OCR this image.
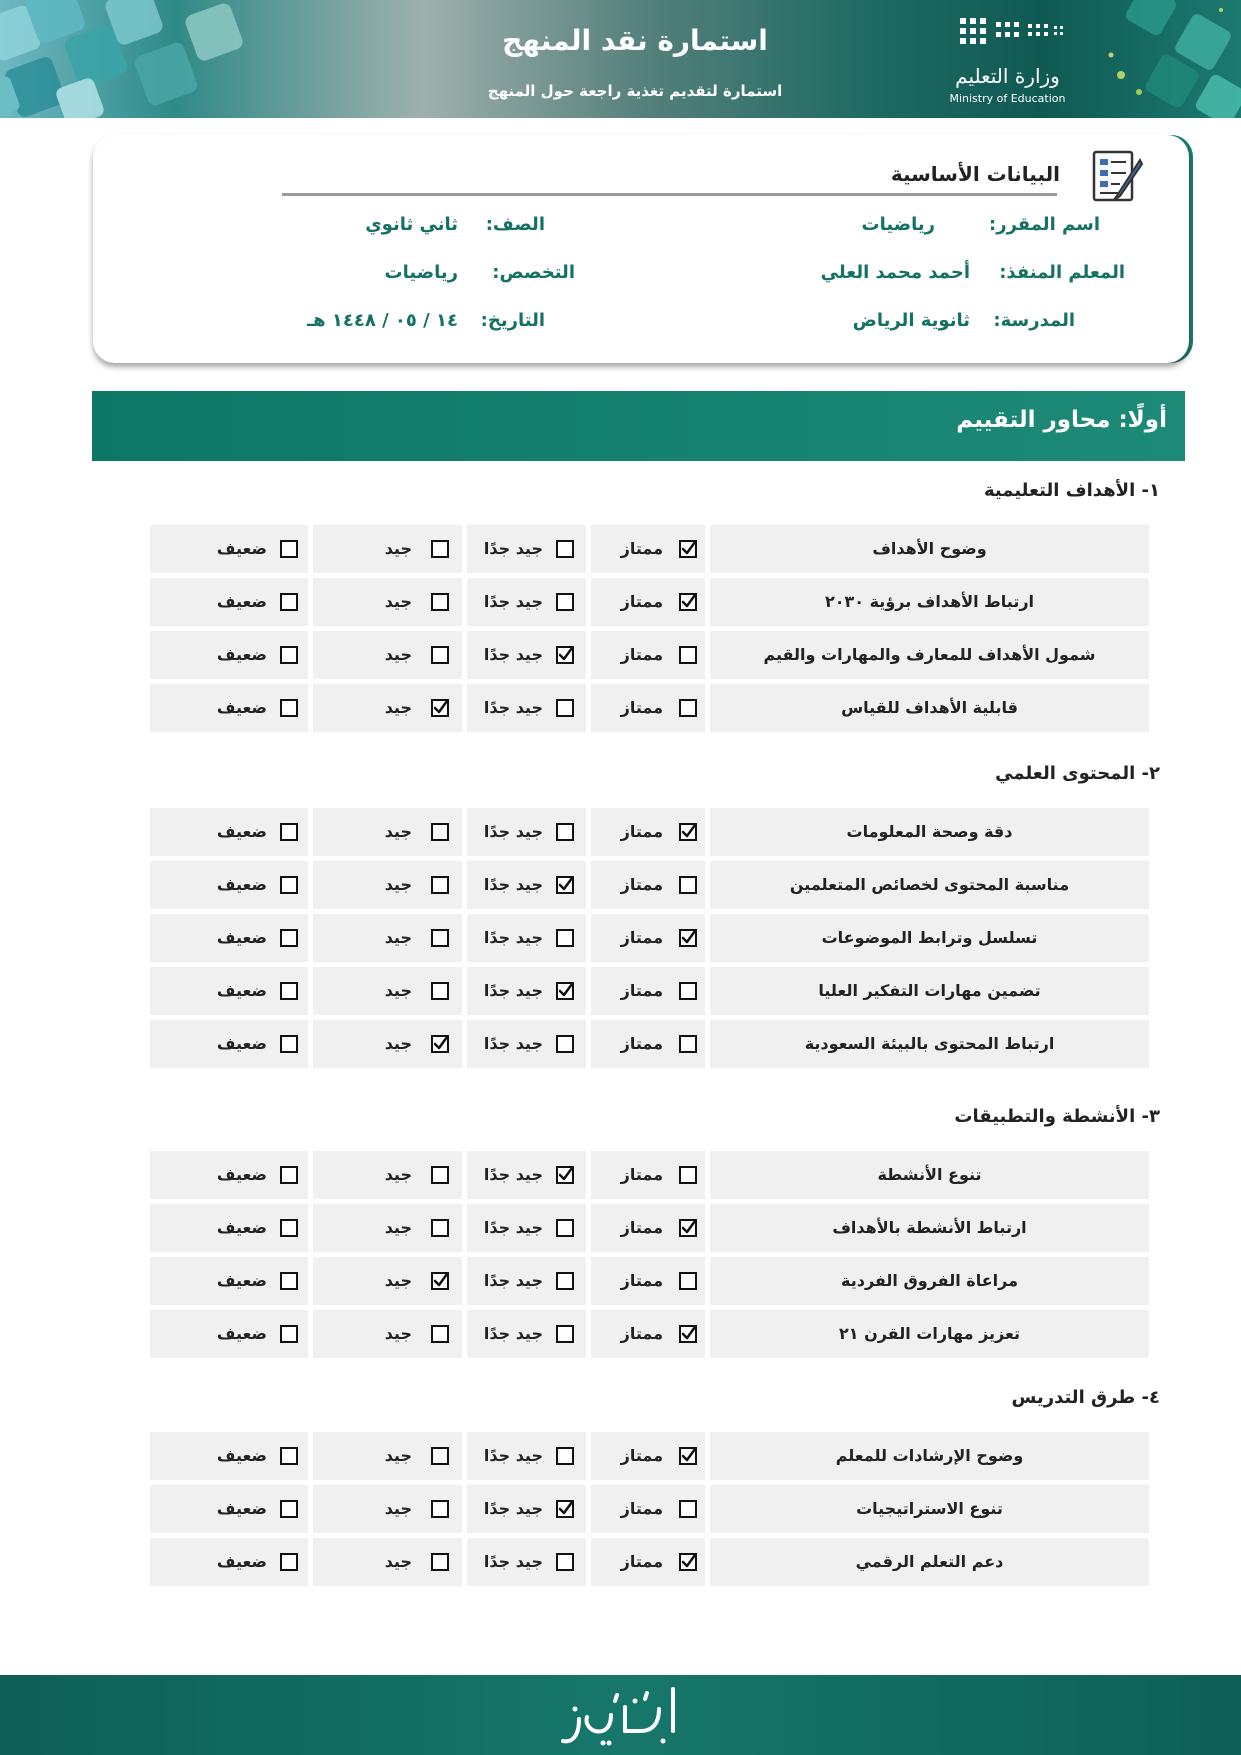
استمارة نقد المنهج
استمارة لتقديم تغذية راجعة حول المنهج
وزارة التعليم
Ministry of Education
البيانات الأساسية
اسم المقرر:
رياضيات
الصف:
ثاني ثانوي
المعلم المنفذ:
أحمد محمد العلي
التخصص:
رياضيات
المدرسة:
ثانوية الرياض
التاريخ:
١٤ / ٠٥ / ١٤٤٨ هـ
أولًا: محاور التقييم
١- الأهداف التعليمية
وضوح الأهداف
ممتاز
جيد جدًا
جيد
ضعيف
ارتباط الأهداف برؤية ٢٠٣٠
ممتاز
جيد جدًا
جيد
ضعيف
شمول الأهداف للمعارف والمهارات والقيم
ممتاز
جيد جدًا
جيد
ضعيف
قابلية الأهداف للقياس
ممتاز
جيد جدًا
جيد
ضعيف
٢- المحتوى العلمي
دقة وصحة المعلومات
ممتاز
جيد جدًا
جيد
ضعيف
مناسبة المحتوى لخصائص المتعلمين
ممتاز
جيد جدًا
جيد
ضعيف
تسلسل وترابط الموضوعات
ممتاز
جيد جدًا
جيد
ضعيف
تضمين مهارات التفكير العليا
ممتاز
جيد جدًا
جيد
ضعيف
ارتباط المحتوى بالبيئة السعودية
ممتاز
جيد جدًا
جيد
ضعيف
٣- الأنشطة والتطبيقات
تنوع الأنشطة
ممتاز
جيد جدًا
جيد
ضعيف
ارتباط الأنشطة بالأهداف
ممتاز
جيد جدًا
جيد
ضعيف
مراعاة الفروق الفردية
ممتاز
جيد جدًا
جيد
ضعيف
تعزيز مهارات القرن ٢١
ممتاز
جيد جدًا
جيد
ضعيف
٤- طرق التدريس
وضوح الإرشادات للمعلم
ممتاز
جيد جدًا
جيد
ضعيف
تنوع الاستراتيجيات
ممتاز
جيد جدًا
جيد
ضعيف
دعم التعلم الرقمي
ممتاز
جيد جدًا
جيد
ضعيف
